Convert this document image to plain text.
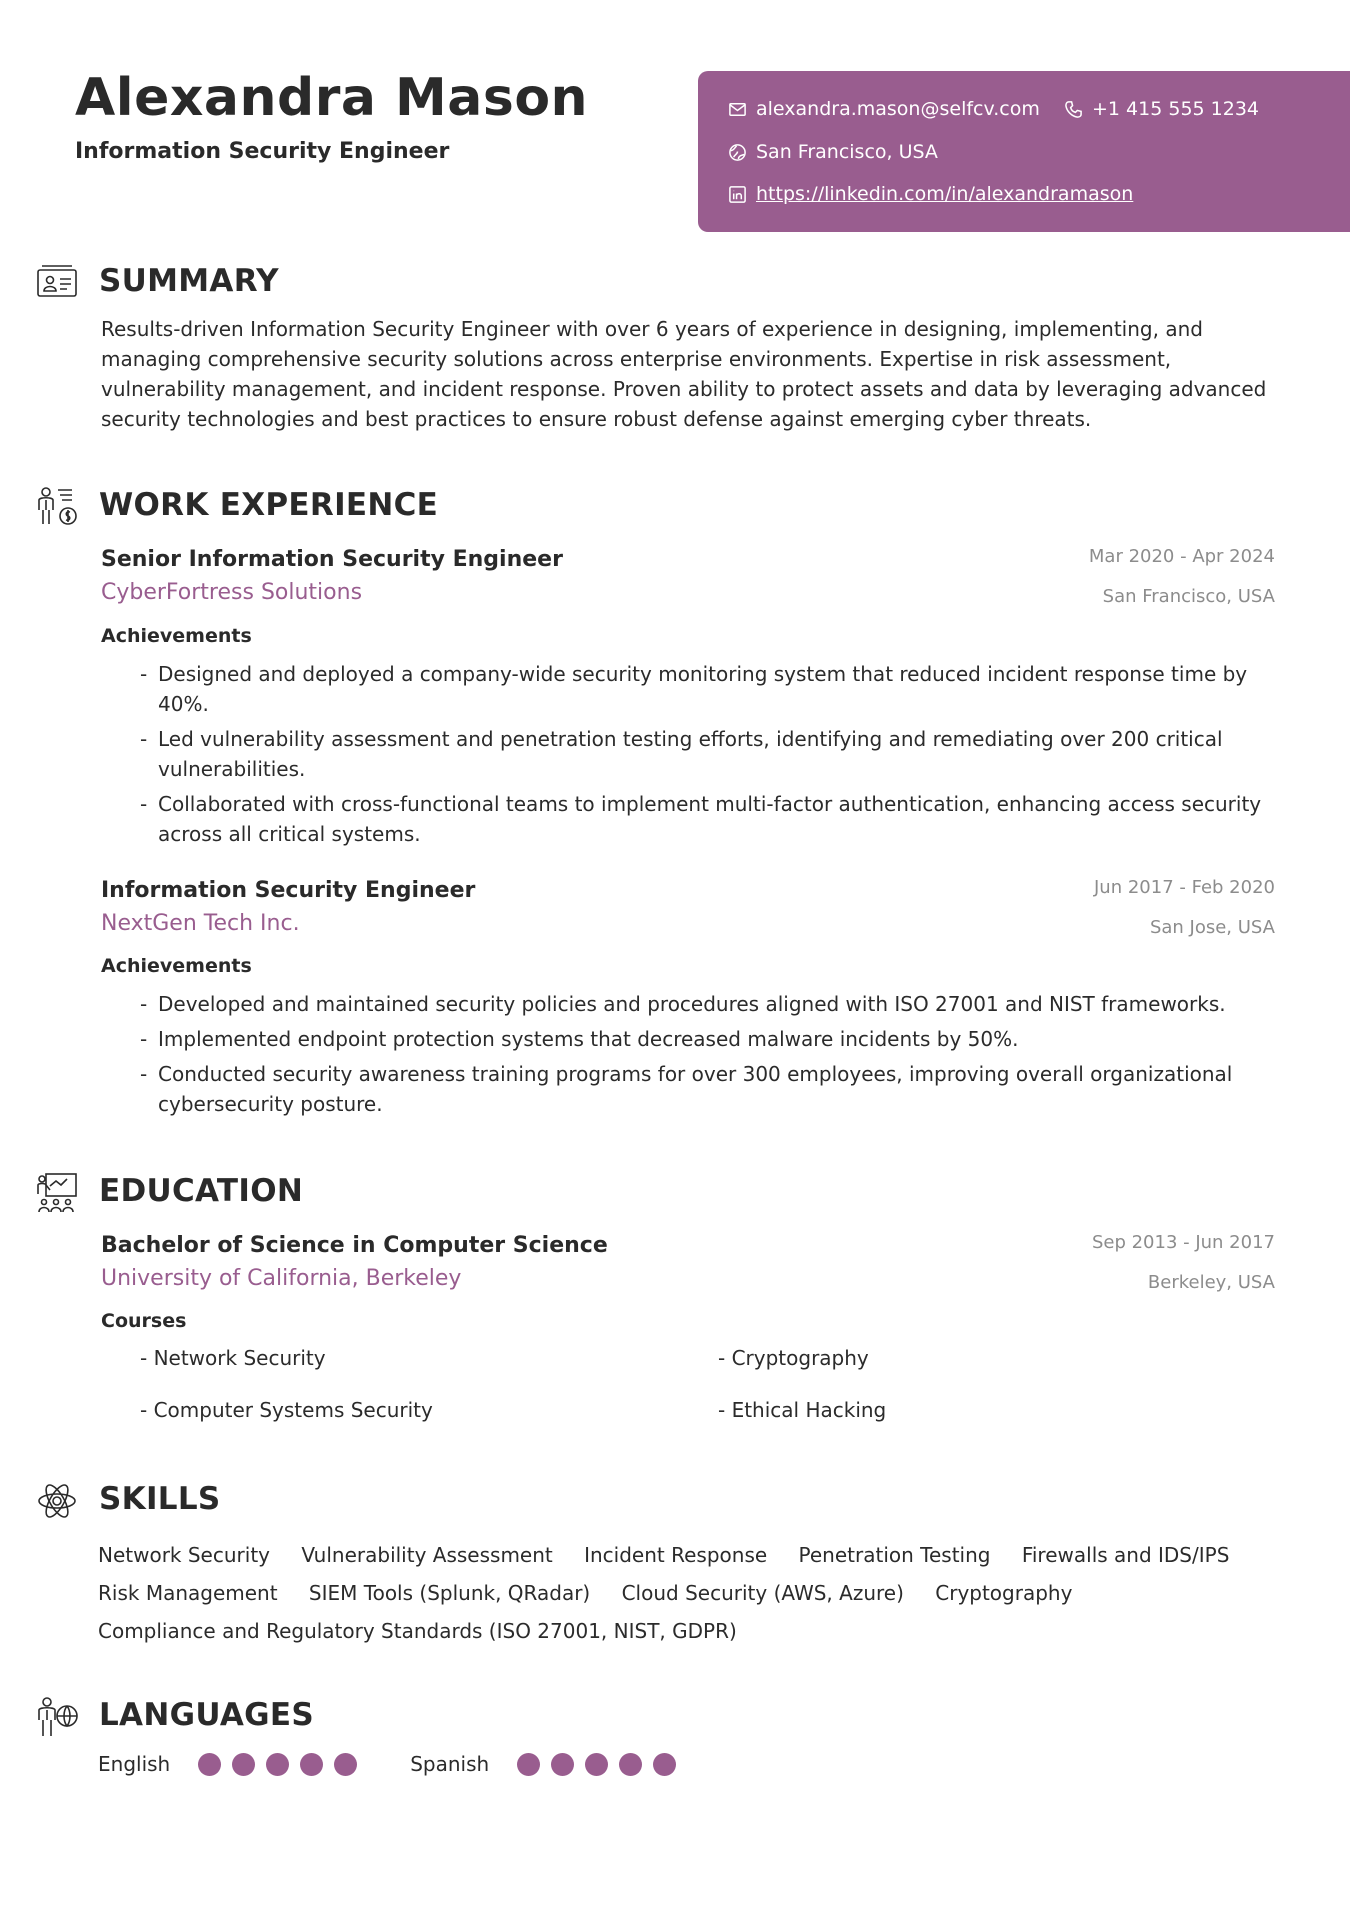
Alexandra Mason
Information Security Engineer
alexandra.mason@selfcv.com	+1 415 555 1234
San Francisco, USA
https://linkedin.com/in/alexandramason
SUMMARY
Results-driven Information Security Engineer with over 6 years of experience in designing, implementing, and managing comprehensive security solutions across enterprise environments. Expertise in risk assessment, vulnerability management, and incident response. Proven ability to protect assets and data by leveraging advanced security technologies and best practices to ensure robust defense against emerging cyber threats.
WORK EXPERIENCE
Senior Information Security Engineer
CyberFortress Solutions
Mar 2020 - Apr 2024
San Francisco, USA
Achievements
- Designed and deployed a company-wide security monitoring system that reduced incident response time by 40%.
- Led vulnerability assessment and penetration testing efforts, identifying and remediating over 200 critical vulnerabilities.
- Collaborated with cross-functional teams to implement multi-factor authentication, enhancing access security across all critical systems.
Information Security Engineer
NextGen Tech Inc.
Jun 2017 - Feb 2020
San Jose, USA
Achievements
- Developed and maintained security policies and procedures aligned with ISO 27001 and NIST frameworks.
- Implemented endpoint protection systems that decreased malware incidents by 50%.
- Conducted security awareness training programs for over 300 employees, improving overall organizational cybersecurity posture.
EDUCATION
Bachelor of Science in Computer Science
University of California, Berkeley
Sep 2013 - Jun 2017
Berkeley, USA
Courses
- Network Security	- Cryptography
- Computer Systems Security	- Ethical Hacking
SKILLS
Network Security Vulnerability Assessment Incident Response Penetration Testing Firewalls and IDS/IPS Risk Management SIEM Tools (Splunk, QRadar) Cloud Security (AWS, Azure) Cryptography Compliance and Regulatory Standards (ISO 27001, NIST, GDPR)
LANGUAGES
English	Spanish
